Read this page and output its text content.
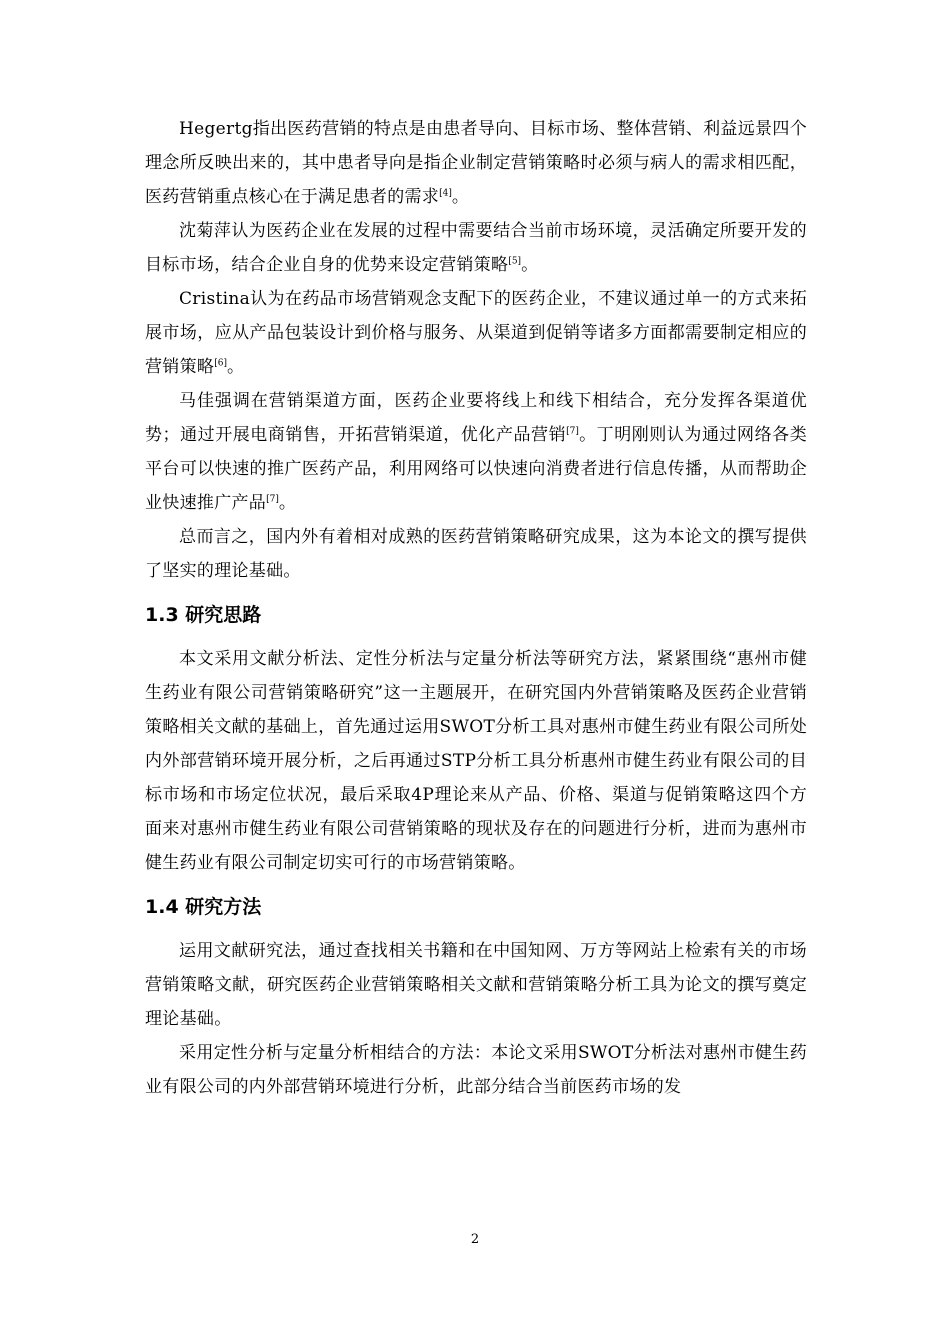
Hegertg指出医药营销的特点是由患者导向、目标市场、整体营销、利益远景四个理念所反映出来的，其中患者导向是指企业制定营销策略时必须与病人的需求相匹配，医药营销重点核心在于满足患者的需求[4]。

沈菊萍认为医药企业在发展的过程中需要结合当前市场环境，灵活确定所要开发的目标市场，结合企业自身的优势来设定营销策略[5]。

Cristina认为在药品市场营销观念支配下的医药企业，不建议通过单一的方式来拓展市场，应从产品包装设计到价格与服务、从渠道到促销等诸多方面都需要制定相应的营销策略[6]。

马佳强调在营销渠道方面，医药企业要将线上和线下相结合，充分发挥各渠道优势；通过开展电商销售，开拓营销渠道，优化产品营销[7]。丁明刚则认为通过网络各类平台可以快速的推广医药产品，利用网络可以快速向消费者进行信息传播，从而帮助企业快速推广产品[7]。

总而言之，国内外有着相对成熟的医药营销策略研究成果，这为本论文的撰写提供了坚实的理论基础。

1.3 研究思路

本文采用文献分析法、定性分析法与定量分析法等研究方法，紧紧围绕“惠州市健生药业有限公司营销策略研究”这一主题展开，在研究国内外营销策略及医药企业营销策略相关文献的基础上，首先通过运用SWOT分析工具对惠州市健生药业有限公司所处内外部营销环境开展分析，之后再通过STP分析工具分析惠州市健生药业有限公司的目标市场和市场定位状况，最后采取4P理论来从产品、价格、渠道与促销策略这四个方面来对惠州市健生药业有限公司营销策略的现状及存在的问题进行分析，进而为惠州市健生药业有限公司制定切实可行的市场营销策略。

1.4 研究方法

运用文献研究法，通过查找相关书籍和在中国知网、万方等网站上检索有关的市场营销策略文献，研究医药企业营销策略相关文献和营销策略分析工具为论文的撰写奠定理论基础。

采用定性分析与定量分析相结合的方法：本论文采用SWOT分析法对惠州市健生药业有限公司的内外部营销环境进行分析，此部分结合当前医药市场的发

2
